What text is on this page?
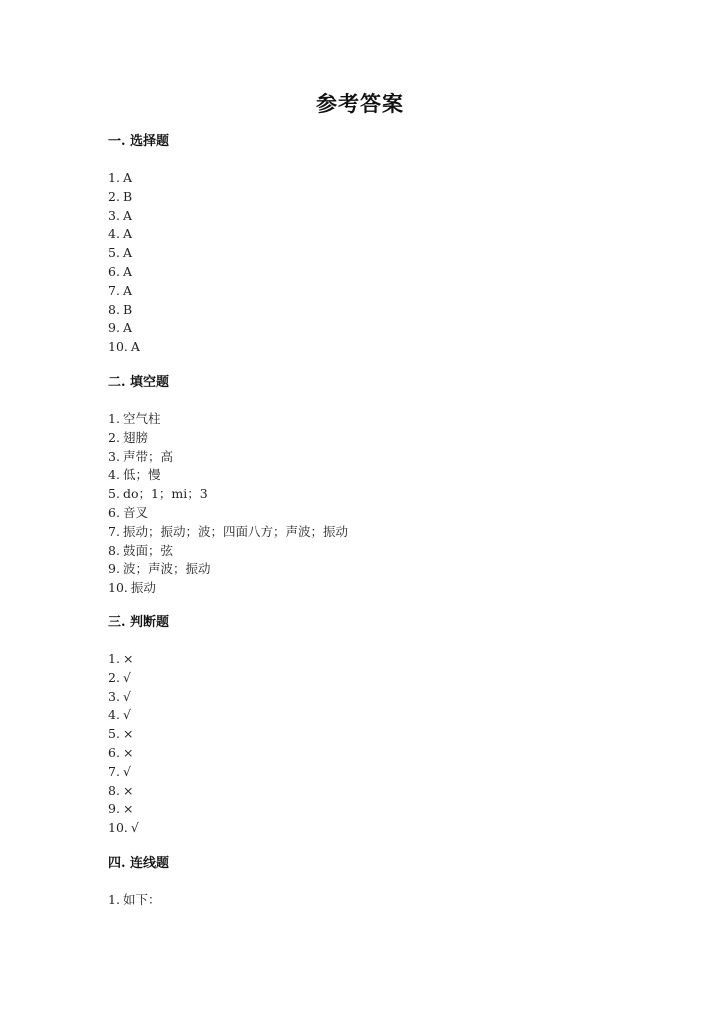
参考答案
一. 选择题
1. A
2. B
3. A
4. A
5. A
6. A
7. A
8. B
9. A
10. A
二. 填空题
1. 空气柱
2. 翅膀
3. 声带；高
4. 低；慢
5. do；1；mi；3
6. 音叉
7. 振动；振动；波；四面八方；声波；振动
8. 鼓面；弦
9. 波；声波；振动
10. 振动
三. 判断题
1. ×
2. √
3. √
4. √
5. ×
6. ×
7. √
8. ×
9. ×
10. √
四. 连线题
1. 如下：
